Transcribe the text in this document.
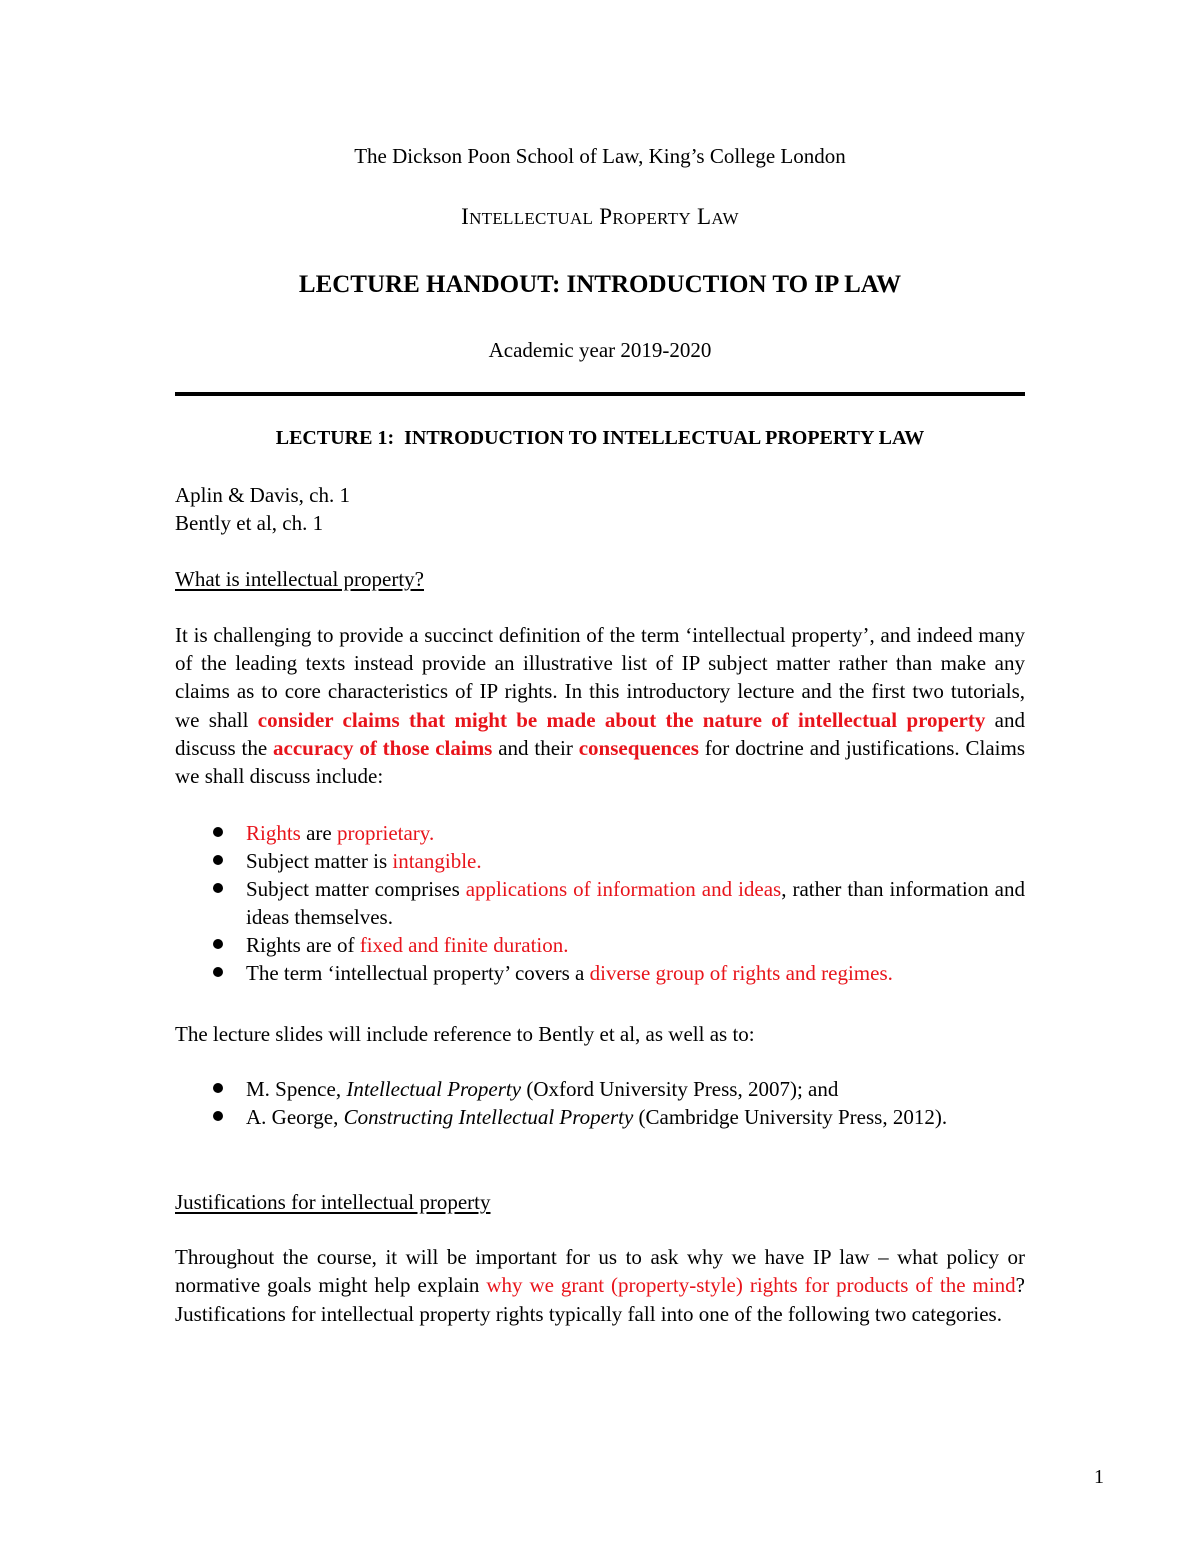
The Dickson Poon School of Law, King’s College London
INTELLECTUAL PROPERTY LAW
LECTURE HANDOUT: INTRODUCTION TO IP LAW
Academic year 2019-2020
LECTURE 1:  INTRODUCTION TO INTELLECTUAL PROPERTY LAW
Aplin & Davis, ch. 1
Bently et al, ch. 1
What is intellectual property?
It is challenging to provide a succinct definition of the term ‘intellectual property’, and indeed many of the leading texts instead provide an illustrative list of IP subject matter rather than make any claims as to core characteristics of IP rights. In this introductory lecture and the first two tutorials, we shall consider claims that might be made about the nature of intellectual property and discuss the accuracy of those claims and their consequences for doctrine and justifications. Claims we shall discuss include:
Rights are proprietary.
Subject matter is intangible.
Subject matter comprises applications of information and ideas, rather than information and ideas themselves.
Rights are of fixed and finite duration.
The term ‘intellectual property’ covers a diverse group of rights and regimes.
The lecture slides will include reference to Bently et al, as well as to:
M. Spence, Intellectual Property (Oxford University Press, 2007); and
A. George, Constructing Intellectual Property (Cambridge University Press, 2012).
Justifications for intellectual property
Throughout the course, it will be important for us to ask why we have IP law – what policy or normative goals might help explain why we grant (property-style) rights for products of the mind? Justifications for intellectual property rights typically fall into one of the following two categories.
1
